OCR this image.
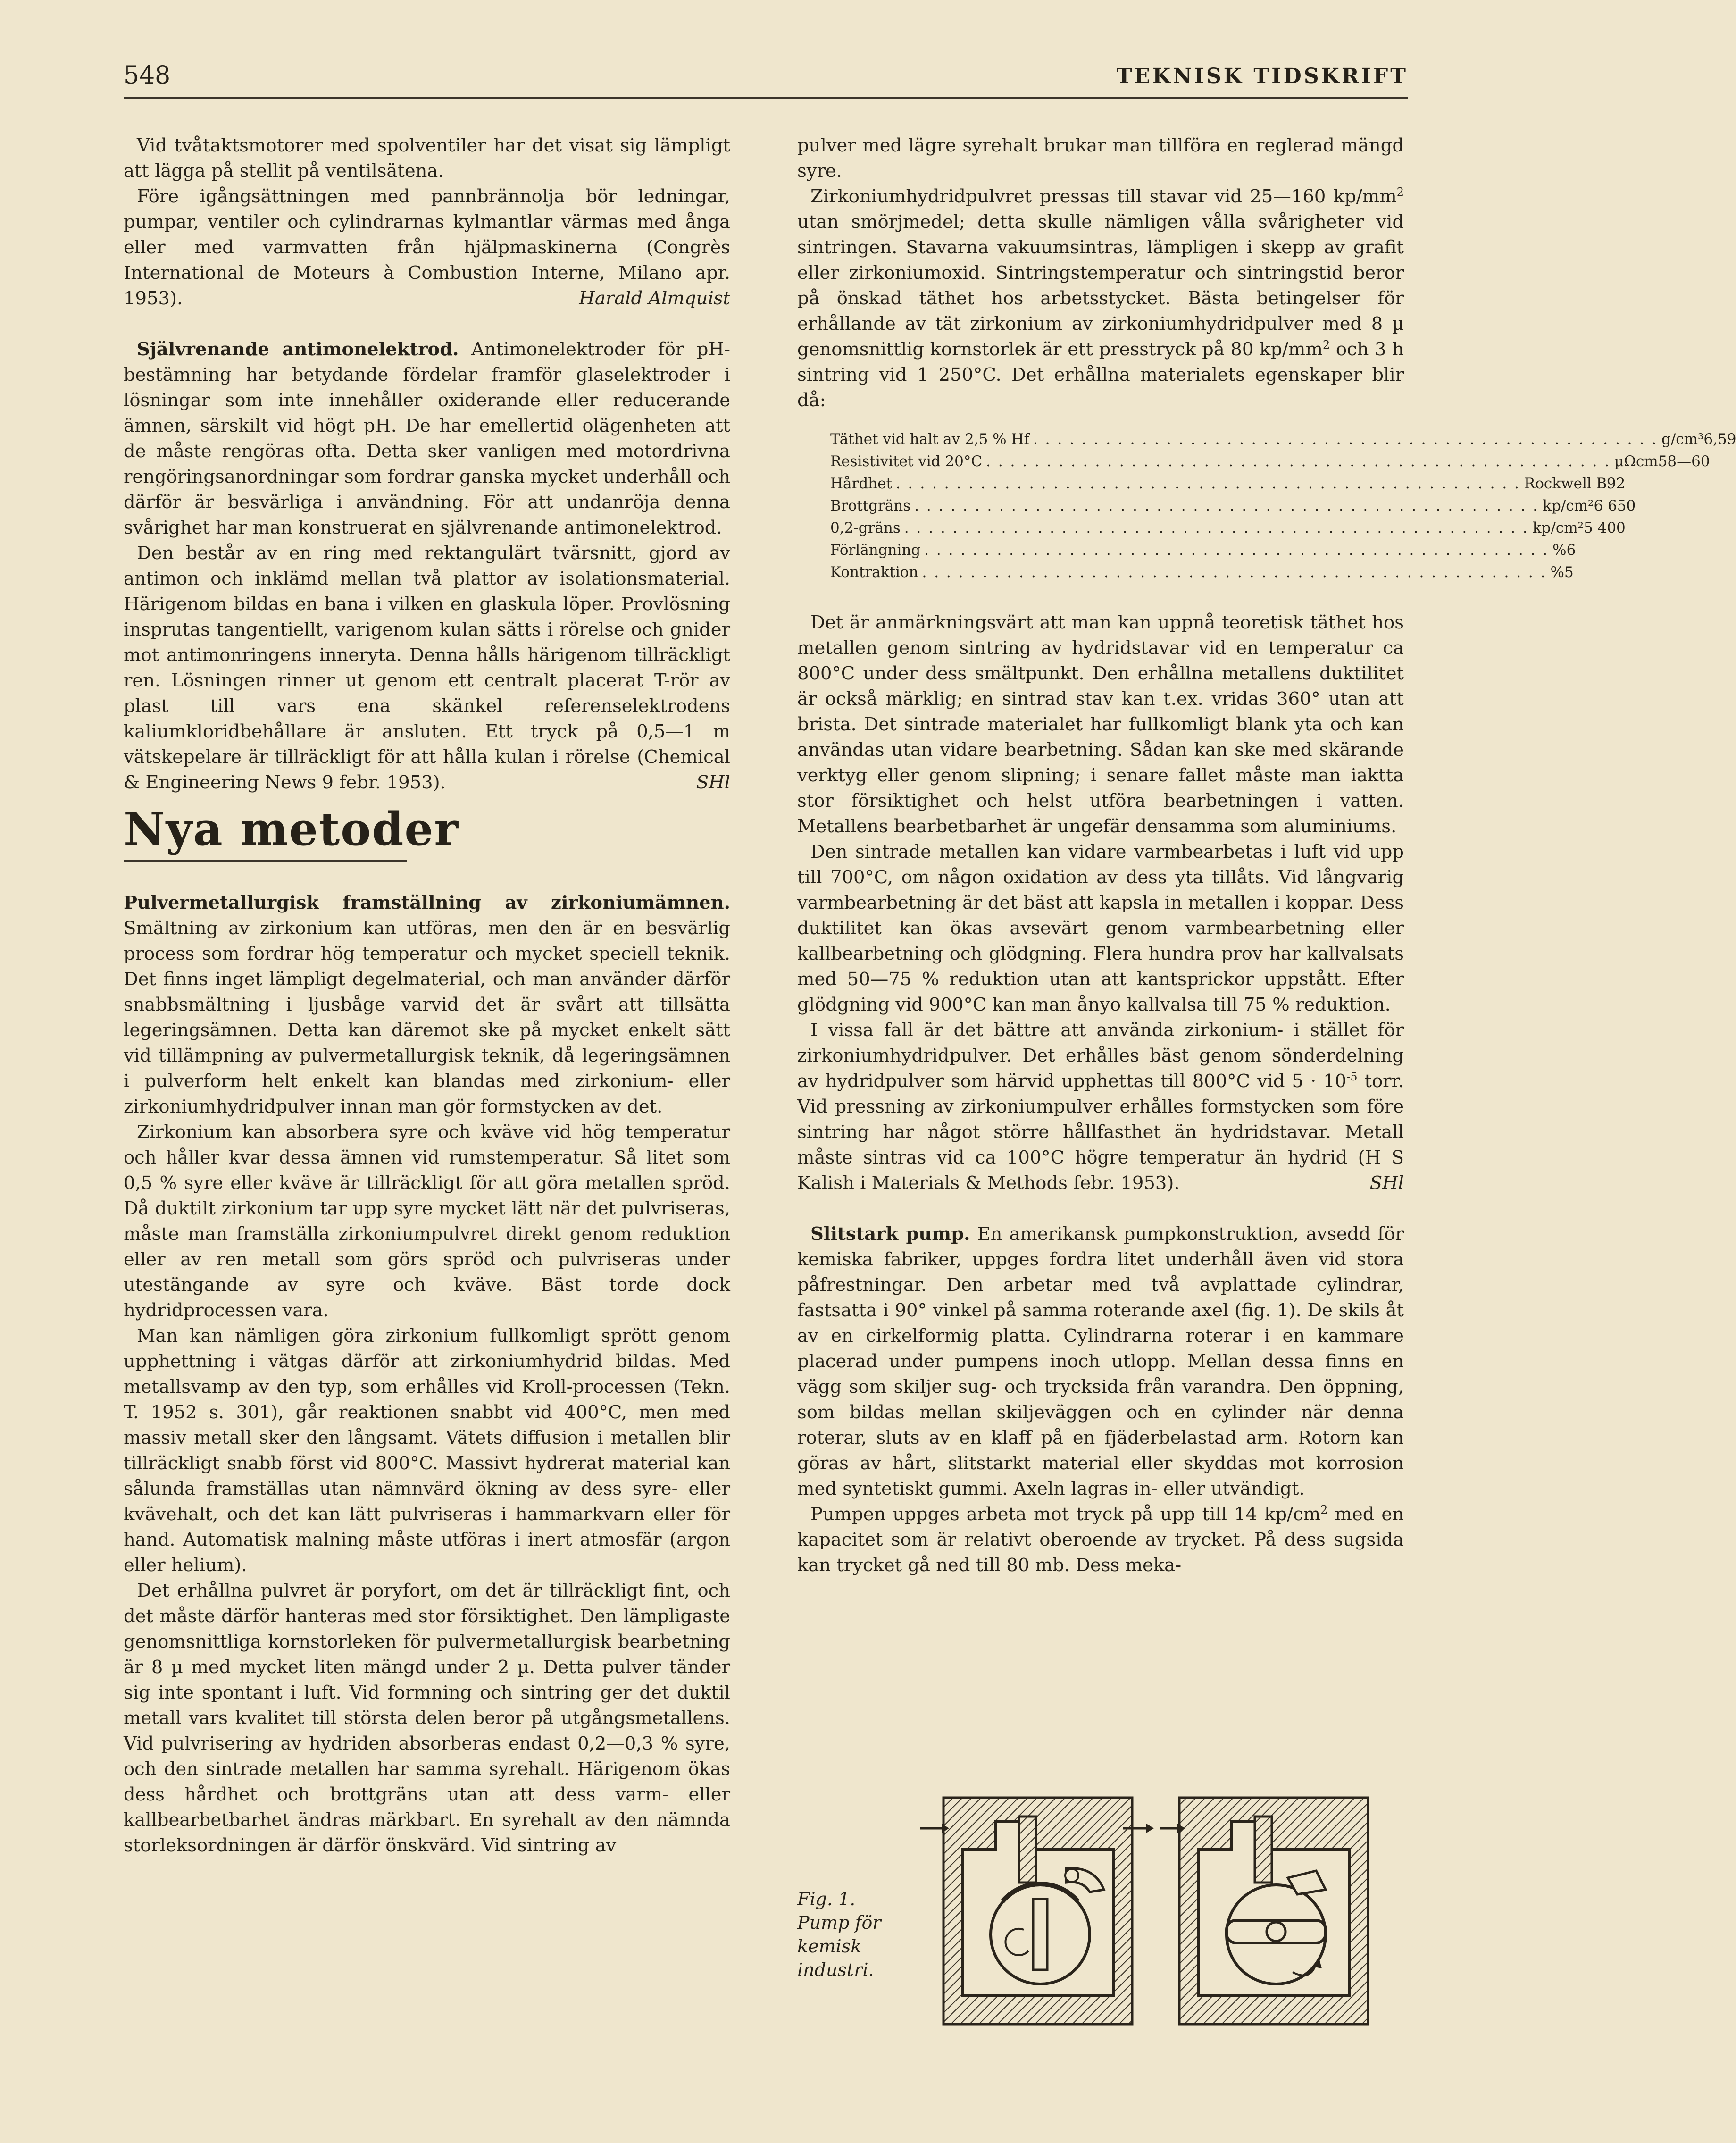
548	TEKNISK TIDSKRIFT

Vid tvåtaktsmotorer med spolventiler har det visat sig lämpligt att lägga på stellit på ventilsätena.

Före igångsättningen med pannbrännolja bör ledningar, pumpar, ventiler och cylindrarnas kylmantlar värmas med ånga eller med varmvatten från hjälpmaskinerna (Congrès International de Moteurs à Combustion Interne, Milano apr. 1953).	Harald Almquist

Självrenande antimonelektrod. Antimonelektroder för pH-bestämning har betydande fördelar framför glaselektroder i lösningar som inte innehåller oxiderande eller reducerande ämnen, särskilt vid högt pH. De har emellertid olägenheten att de måste rengöras ofta. Detta sker vanligen med motordrivna rengöringsanordningar som fordrar ganska mycket underhåll och därför är besvärliga i användning. För att undanröja denna svårighet har man konstruerat en självrenande antimonelektrod.

Den består av en ring med rektangulärt tvärsnitt, gjord av antimon och inklämd mellan två plattor av isolationsmaterial. Härigenom bildas en bana i vilken en glaskula löper. Provlösning insprutas tangentiellt, varigenom kulan sätts i rörelse och gnider mot antimonringens inneryta. Denna hålls härigenom tillräckligt ren. Lösningen rinner ut genom ett centralt placerat T-rör av plast till vars ena skänkel referenselektrodens kaliumkloridbehållare är ansluten. Ett tryck på 0,5—1 m vätskepelare är tillräckligt för att hålla kulan i rörelse (Chemical & Engineering News 9 febr. 1953).	SHl

Nya metoder

Pulvermetallurgisk framställning av zirkoniumämnen. Smältning av zirkonium kan utföras, men den är en besvärlig process som fordrar hög temperatur och mycket speciell teknik. Det finns inget lämpligt degelmaterial, och man använder därför snabbsmältning i ljusbåge varvid det är svårt att tillsätta legeringsämnen. Detta kan däremot ske på mycket enkelt sätt vid tillämpning av pulvermetallurgisk teknik, då legeringsämnen i pulverform helt enkelt kan blandas med zirkonium- eller zirkoniumhydridpulver innan man gör formstycken av det.

Zirkonium kan absorbera syre och kväve vid hög temperatur och håller kvar dessa ämnen vid rumstemperatur. Så litet som 0,5 % syre eller kväve är tillräckligt för att göra metallen spröd. Då duktilt zirkonium tar upp syre mycket lätt när det pulvriseras, måste man framställa zirkoniumpulvret direkt genom reduktion eller av ren metall som görs spröd och pulvriseras under utestängande av syre och kväve. Bäst torde dock hydridprocessen vara.

Man kan nämligen göra zirkonium fullkomligt sprött genom upphettning i vätgas därför att zirkoniumhydrid bildas. Med metallsvamp av den typ, som erhålles vid Kroll-processen (Tekn. T. 1952 s. 301), går reaktionen snabbt vid 400°C, men med massiv metall sker den långsamt. Vätets diffusion i metallen blir tillräckligt snabb först vid 800°C. Massivt hydrerat material kan sålunda framställas utan nämnvärd ökning av dess syre- eller kvävehalt, och det kan lätt pulvriseras i hammarkvarn eller för hand. Automatisk malning måste utföras i inert atmosfär (argon eller helium).

Det erhållna pulvret är poryfort, om det är tillräckligt fint, och det måste därför hanteras med stor försiktighet. Den lämpligaste genomsnittliga kornstorleken för pulvermetallurgisk bearbetning är 8 µ med mycket liten mängd under 2 µ. Detta pulver tänder sig inte spontant i luft. Vid formning och sintring ger det duktil metall vars kvalitet till största delen beror på utgångsmetallens. Vid pulvrisering av hydriden absorberas endast 0,2—0,3 % syre, och den sintrade metallen har samma syrehalt. Härigenom ökas dess hårdhet och brottgräns utan att dess varm- eller kallbearbetbarhet ändras märkbart. En syrehalt av den nämnda storleksordningen är därför önskvärd. Vid sintring av

pulver med lägre syrehalt brukar man tillföra en reglerad mängd syre.

Zirkoniumhydridpulvret pressas till stavar vid 25—160 $kp/mm^2$ utan smörjmedel; detta skulle nämligen vålla svårigheter vid sintringen. Stavarna vakuumsintras, lämpligen i skepp av grafit eller zirkoniumoxid. Sintringstemperatur och sintringstid beror på önskad täthet hos arbetsstycket. Bästa betingelser för erhållande av tät zirkonium av zirkoniumhydridpulver med 8 µ genomsnittlig kornstorlek är ett presstryck på 80 $kp/mm^2$ och 3 h sintring vid 1 250°C. Det erhållna materialets egenskaper blir då:

Täthet vid halt av 2,5 % Hf . . . . . . . . . . . . . . . . . . . . . . . . . . . . . . . . . . . . . . . . . . . . . . . . . . . . g/cm³ 6,59
Resistivitet vid 20°C . . . . . . . . . . . . . . . . . . . . . . . . . . . . . . . . . . . . . . . . . . . . . . . . . . . . µΩcm 58—60
Hårdhet . . . . . . . . . . . . . . . . . . . . . . . . . . . . . . . . . . . . . . . . . . . . . . . . . . . . Rockwell B 92
Brottgräns . . . . . . . . . . . . . . . . . . . . . . . . . . . . . . . . . . . . . . . . . . . . . . . . . . . . kp/cm² 6 650
0,2-gräns . . . . . . . . . . . . . . . . . . . . . . . . . . . . . . . . . . . . . . . . . . . . . . . . . . . . kp/cm² 5 400
Förlängning . . . . . . . . . . . . . . . . . . . . . . . . . . . . . . . . . . . . . . . . . . . . . . . . . . . . % 6
Kontraktion . . . . . . . . . . . . . . . . . . . . . . . . . . . . . . . . . . . . . . . . . . . . . . . . . . . . % 5

Det är anmärkningsvärt att man kan uppnå teoretisk täthet hos metallen genom sintring av hydridstavar vid en temperatur ca 800°C under dess smältpunkt. Den erhållna metallens duktilitet är också märklig; en sintrad stav kan t.ex. vridas 360° utan att brista. Det sintrade materialet har fullkomligt blank yta och kan användas utan vidare bearbetning. Sådan kan ske med skärande verktyg eller genom slipning; i senare fallet måste man iaktta stor försiktighet och helst utföra bearbetningen i vatten. Metallens bearbetbarhet är ungefär densamma som aluminiums.

Den sintrade metallen kan vidare varmbearbetas i luft vid upp till 700°C, om någon oxidation av dess yta tillåts. Vid långvarig varmbearbetning är det bäst att kapsla in metallen i koppar. Dess duktilitet kan ökas avsevärt genom varmbearbetning eller kallbearbetning och glödgning. Flera hundra prov har kallvalsats med 50—75 % reduktion utan att kantsprickor uppstått. Efter glödgning vid 900°C kan man ånyo kallvalsa till 75 % reduktion.

I vissa fall är det bättre att använda zirkonium- i stället för zirkoniumhydridpulver. Det erhålles bäst genom sönderdelning av hydridpulver som härvid upphettas till 800°C vid $5 \cdot 10^{-5}$ torr. Vid pressning av zirkoniumpulver erhålles formstycken som före sintring har något större hållfasthet än hydridstavar. Metall måste sintras vid ca 100°C högre temperatur än hydrid (H S Kalish i Materials & Methods febr. 1953).	SHl

Slitstark pump. En amerikansk pumpkonstruktion, avsedd för kemiska fabriker, uppges fordra litet underhåll även vid stora påfrestningar. Den arbetar med två avplattade cylindrar, fastsatta i 90° vinkel på samma roterande axel (fig. 1). De skils åt av en cirkelformig platta. Cylindrarna roterar i en kammare placerad under pumpens inoch utlopp. Mellan dessa finns en vägg som skiljer sug- och trycksida från varandra. Den öppning, som bildas mellan skiljeväggen och en cylinder när denna roterar, sluts av en klaff på en fjäderbelastad arm. Rotorn kan göras av hårt, slitstarkt material eller skyddas mot korrosion med syntetiskt gummi. Axeln lagras in- eller utvändigt.

Pumpen uppges arbeta mot tryck på upp till 14 $kp/cm^2$ med en kapacitet som är relativt oberoende av trycket. På dess sugsida kan trycket gå ned till 80 mb. Dess meka-

Fig. 1. Pump för kemisk industri.
